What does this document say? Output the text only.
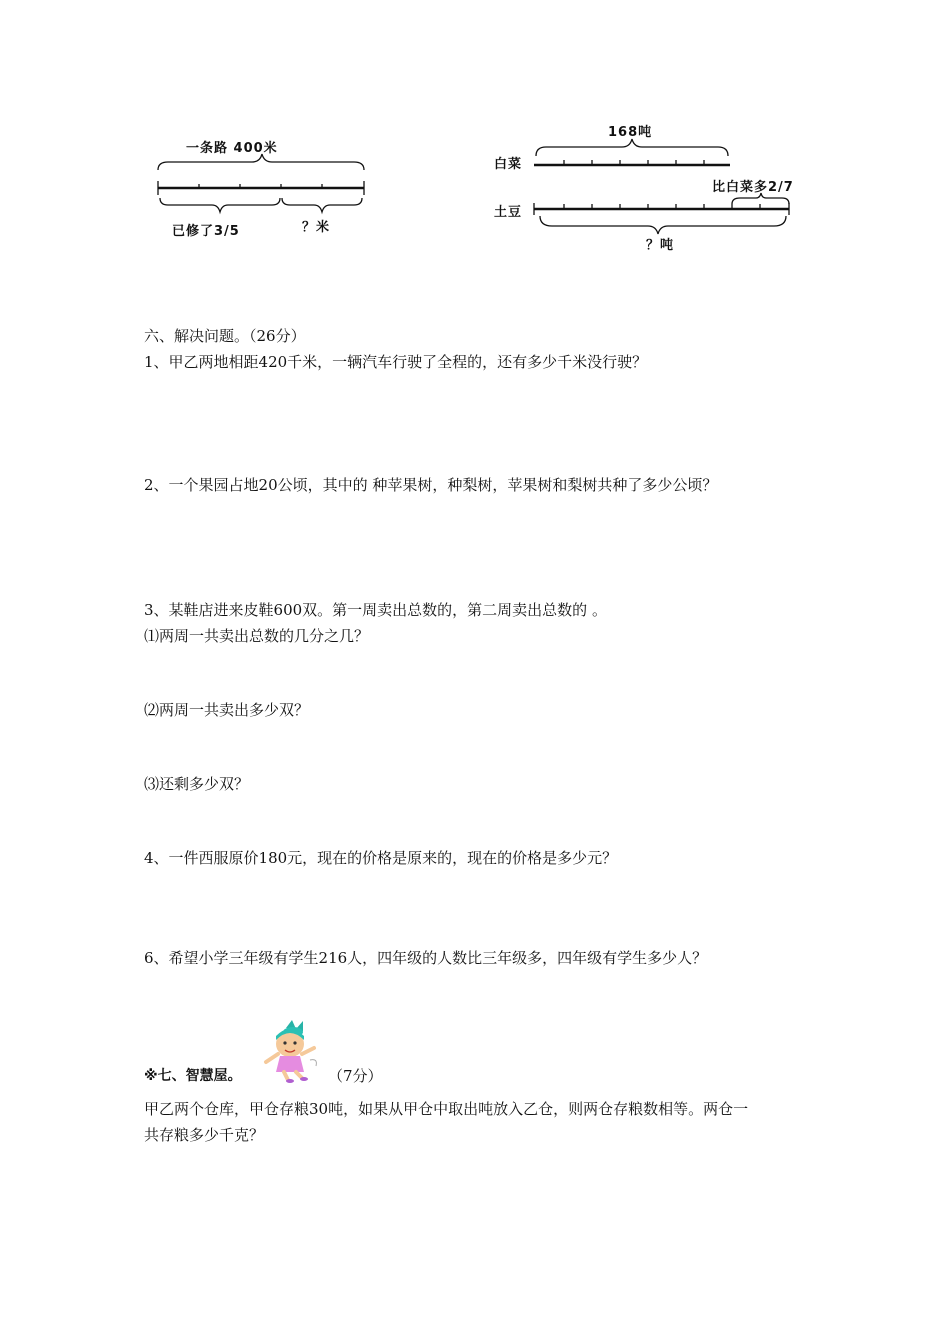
一条路 400米
已修了3/5	？米
168吨
白菜
比白菜多2/7
土豆
？吨
六、解决问题。（26分）
1、甲乙两地相距420千米，一辆汽车行驶了全程的，还有多少千米没行驶？
2、一个果园占地20公顷，其中的 种苹果树，种梨树，苹果树和梨树共种了多少公顷？
3、某鞋店进来皮鞋600双。第一周卖出总数的，第二周卖出总数的 。
⑴两周一共卖出总数的几分之几？
⑵两周一共卖出多少双？
⑶还剩多少双？
4、一件西服原价180元，现在的价格是原来的，现在的价格是多少元？
6、希望小学三年级有学生216人，四年级的人数比三年级多，四年级有学生多少人？
※七、智慧屋。	（7分）
甲乙两个仓库，甲仓存粮30吨，如果从甲仓中取出吨放入乙仓，则两仓存粮数相等。两仓一
共存粮多少千克？
